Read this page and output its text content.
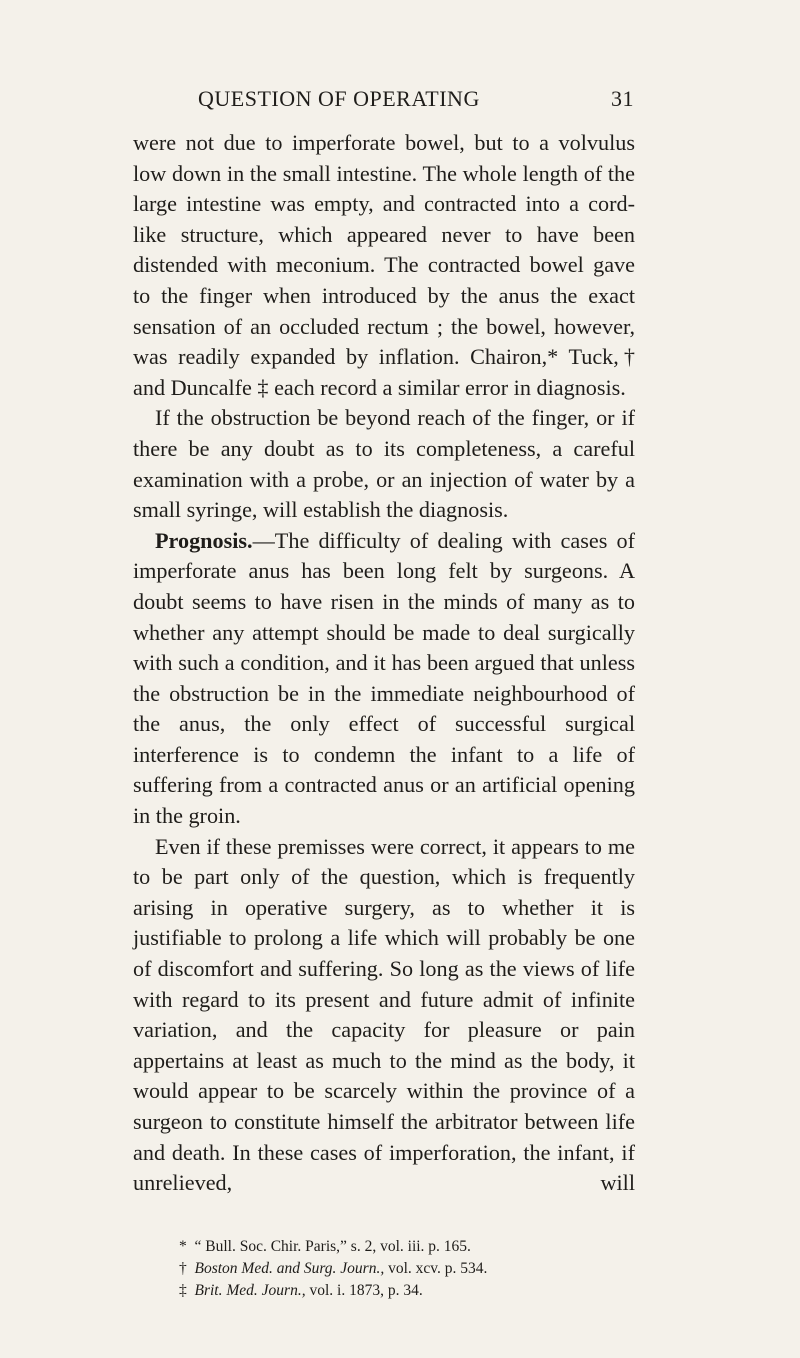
QUESTION OF OPERATING	31

were not due to imperforate bowel, but to a volvulus low down in the small intestine. The whole length of the large intestine was empty, and contracted into a cord-like structure, which appeared never to have been distended with meconium. The contracted bowel gave to the finger when introduced by the anus the exact sensation of an occluded rectum ; the bowel, however, was readily expanded by inflation. Chairon,* Tuck,† and Duncalfe ‡ each record a similar error in diagnosis.

If the obstruction be beyond reach of the finger, or if there be any doubt as to its completeness, a careful examination with a probe, or an injection of water by a small syringe, will establish the diagnosis.

Prognosis.—The difficulty of dealing with cases of imperforate anus has been long felt by surgeons. A doubt seems to have risen in the minds of many as to whether any attempt should be made to deal surgically with such a condition, and it has been argued that unless the obstruction be in the immediate neighbourhood of the anus, the only effect of successful surgical interference is to condemn the infant to a life of suffering from a contracted anus or an artificial opening in the groin.

Even if these premisses were correct, it appears to me to be part only of the question, which is frequently arising in operative surgery, as to whether it is justifiable to prolong a life which will probably be one of discomfort and suffering. So long as the views of life with regard to its present and future admit of infinite variation, and the capacity for pleasure or pain appertains at least as much to the mind as the body, it would appear to be scarcely within the province of a surgeon to constitute himself the arbitrator between life and death. In these cases of imperforation, the infant, if unrelieved, will

* “ Bull. Soc. Chir. Paris,” s. 2, vol. iii. p. 165.
† Boston Med. and Surg. Journ., vol. xcv. p. 534.
‡ Brit. Med. Journ., vol. i. 1873, p. 34.
